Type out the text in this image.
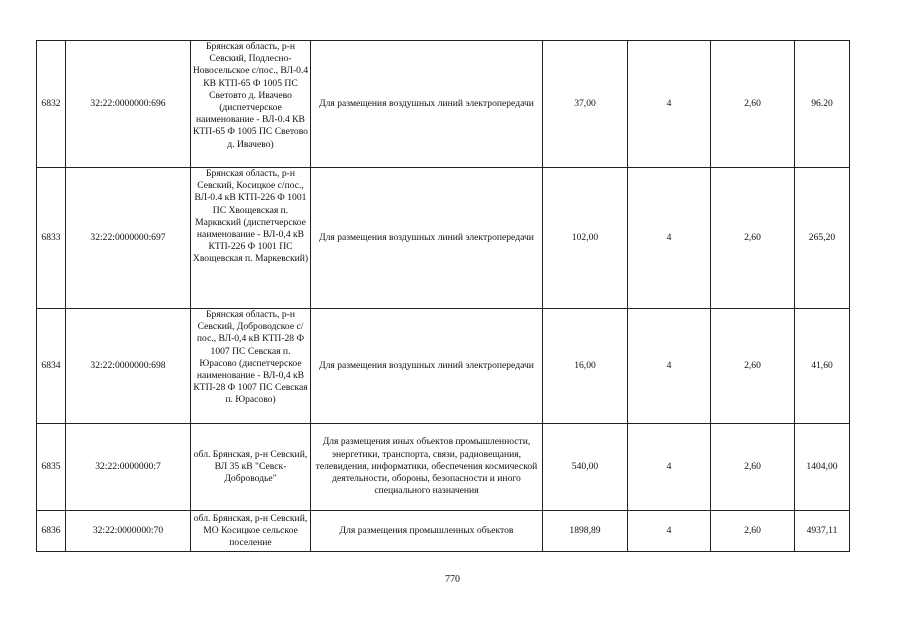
6832	32:22:0000000:696	Брянская область, р-н Севский, Подлесно-Новосельское с/пос., ВЛ-0.4 КВ КТП-65 Ф 1005 ПС Световто д. Ивачево (диспетчерское наименование - ВЛ-0.4 КВ КТП-65 Ф 1005 ПС Светово д. Ивачево)	Для размещения воздушных линий электропередачи	37,00	4	2,60	96.20
6833	32:22:0000000:697	Брянская область, р-н Севский, Косицкое с/пос., ВЛ-0.4 кВ КТП-226 Ф 1001 ПС Хвощевская п. Марквский (диспетчерское наименование - ВЛ-0,4 кВ КТП-226 Ф 1001 ПС Хвощевская п. Маркевский)	Для размещения воздушных линий электропередачи	102,00	4	2,60	265,20
6834	32:22:0000000:698	Брянская область, р-н Севский, Доброводское с/пос., ВЛ-0,4 кВ КТП-28 Ф 1007 ПС Севская п. Юрасово (диспетчерское наименование - ВЛ-0,4 кВ КТП-28 Ф 1007 ПС Севская п. Юрасово)	Для размещения воздушных линий электропередачи	16,00	4	2,60	41,60
6835	32:22:0000000:7	обл. Брянская, р-н Севский, ВЛ 35 кВ "Севск-Доброводье"	Для размещения иных объектов промышленности, энергетики, транспорта, связи, радиовещания, телевидения, информатики, обеспечения космической деятельности, обороны, безопасности и иного специального назначения	540,00	4	2,60	1404,00
6836	32:22:0000000:70	обл. Брянская, р-н Севский, МО Косицкое сельское поселение	Для размещения промышленных объектов	1898,89	4	2,60	4937,11
770
